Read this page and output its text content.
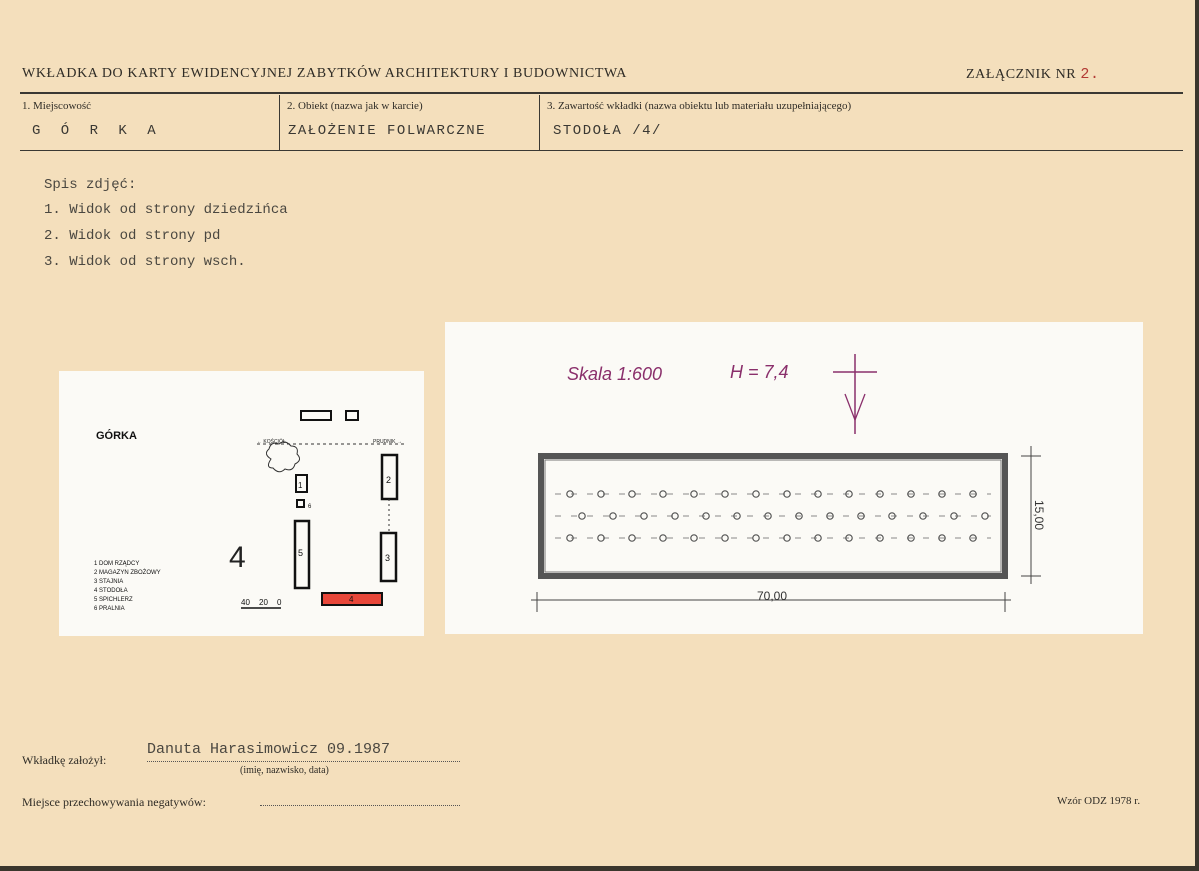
WKŁADKA DO KARTY EWIDENCYJNEJ ZABYTKÓW ARCHITEKTURY I BUDOWNICTWA	ZAŁĄCZNIK NR 2.
1. Miejscowość
G Ó R K A
2. Obiekt (nazwa jak w karcie)
ZAŁOŻENIE FOLWARCZNE
3. Zawartość wkładki (nazwa obiektu lub materiału uzupełniającego)
STODOŁA /4/
Spis zdjęć:
1. Widok od strony dziedzińca
2. Widok od strony pd
3. Widok od strony wsch.
GÓRKA
4
← KOŚCIÓŁ	PRUDNIK →
1
6
2
3
5
4
40 20 0
1 DOM RZĄDCY
2 MAGAZYN ZBOŻOWY
3 STAJNIA
4 STODOŁA
5 SPICHLERZ
6 PRALNIA
Skala 1:600	H = 7,4
70,00
15,00
Wkładkę założył:
Danuta Harasimowicz 09.1987
(imię, nazwisko, data)
Miejsce przechowywania negatywów:	Wzór ODZ 1978 r.
